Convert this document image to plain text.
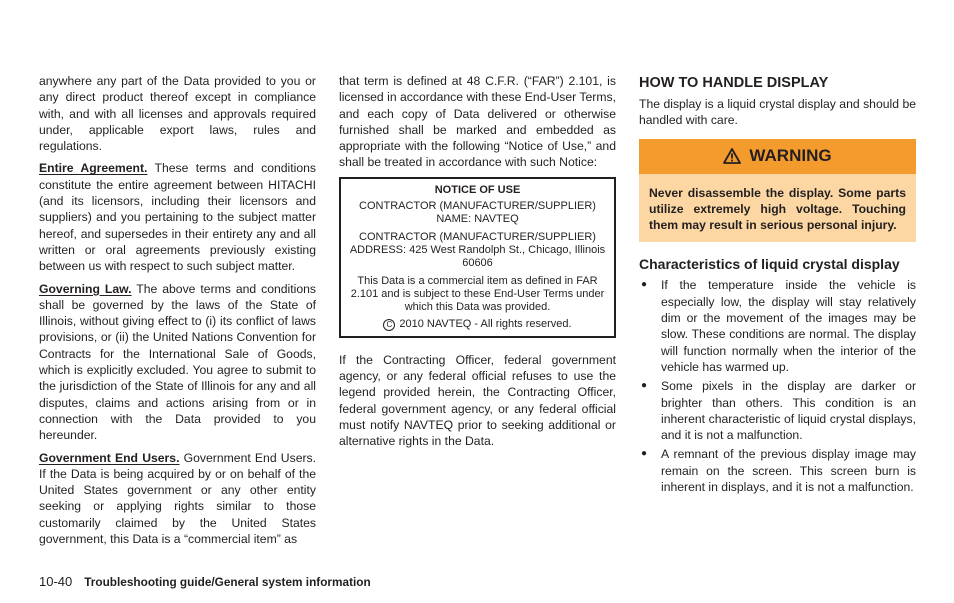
anywhere any part of the Data provided to you or any direct product thereof except in compliance with, and with all licenses and approvals required under, applicable export laws, rules and regulations.

Entire Agreement. These terms and conditions constitute the entire agreement between HITACHI (and its licensors, including their licensors and suppliers) and you pertaining to the subject matter hereof, and supersedes in their entirety any and all written or oral agreements previously existing between us with respect to such subject matter.

Governing Law. The above terms and conditions shall be governed by the laws of the State of Illinois, without giving effect to (i) its conflict of laws provisions, or (ii) the United Nations Convention for Contracts for the International Sale of Goods, which is explicitly excluded. You agree to submit to the jurisdiction of the State of Illinois for any and all disputes, claims and actions arising from or in connection with the Data provided to you hereunder.

Government End Users. Government End Users. If the Data is being acquired by or on behalf of the United States government or any other entity seeking or applying rights similar to those customarily claimed by the United States government, this Data is a “commercial item” as

that term is defined at 48 C.F.R. (“FAR”) 2.101, is licensed in accordance with these End-User Terms, and each copy of Data delivered or otherwise furnished shall be marked and embedded as appropriate with the following “Notice of Use,” and shall be treated in accordance with such Notice:

NOTICE OF USE
CONTRACTOR (MANUFACTURER/SUPPLIER) NAME: NAVTEQ
CONTRACTOR (MANUFACTURER/SUPPLIER) ADDRESS: 425 West Randolph St., Chicago, Illinois 60606
This Data is a commercial item as defined in FAR 2.101 and is subject to these End-User Terms under which this Data was provided.
C 2010 NAVTEQ - All rights reserved.

If the Contracting Officer, federal government agency, or any federal official refuses to use the legend provided herein, the Contracting Officer, federal government agency, or any federal official must notify NAVTEQ prior to seeking additional or alternative rights in the Data.

HOW TO HANDLE DISPLAY

The display is a liquid crystal display and should be handled with care.

WARNING
Never disassemble the display. Some parts utilize extremely high voltage. Touching them may result in serious personal injury.
Characteristics of liquid crystal display
● If the temperature inside the vehicle is especially low, the display will stay relatively dim or the movement of the images may be slow. These conditions are normal. The display will function normally when the interior of the vehicle has warmed up.
● Some pixels in the display are darker or brighter than others. This condition is an inherent characteristic of liquid crystal displays, and it is not a malfunction.
● A remnant of the previous display image may remain on the screen. This screen burn is inherent in displays, and it is not a malfunction.
10-40 Troubleshooting guide/General system information
